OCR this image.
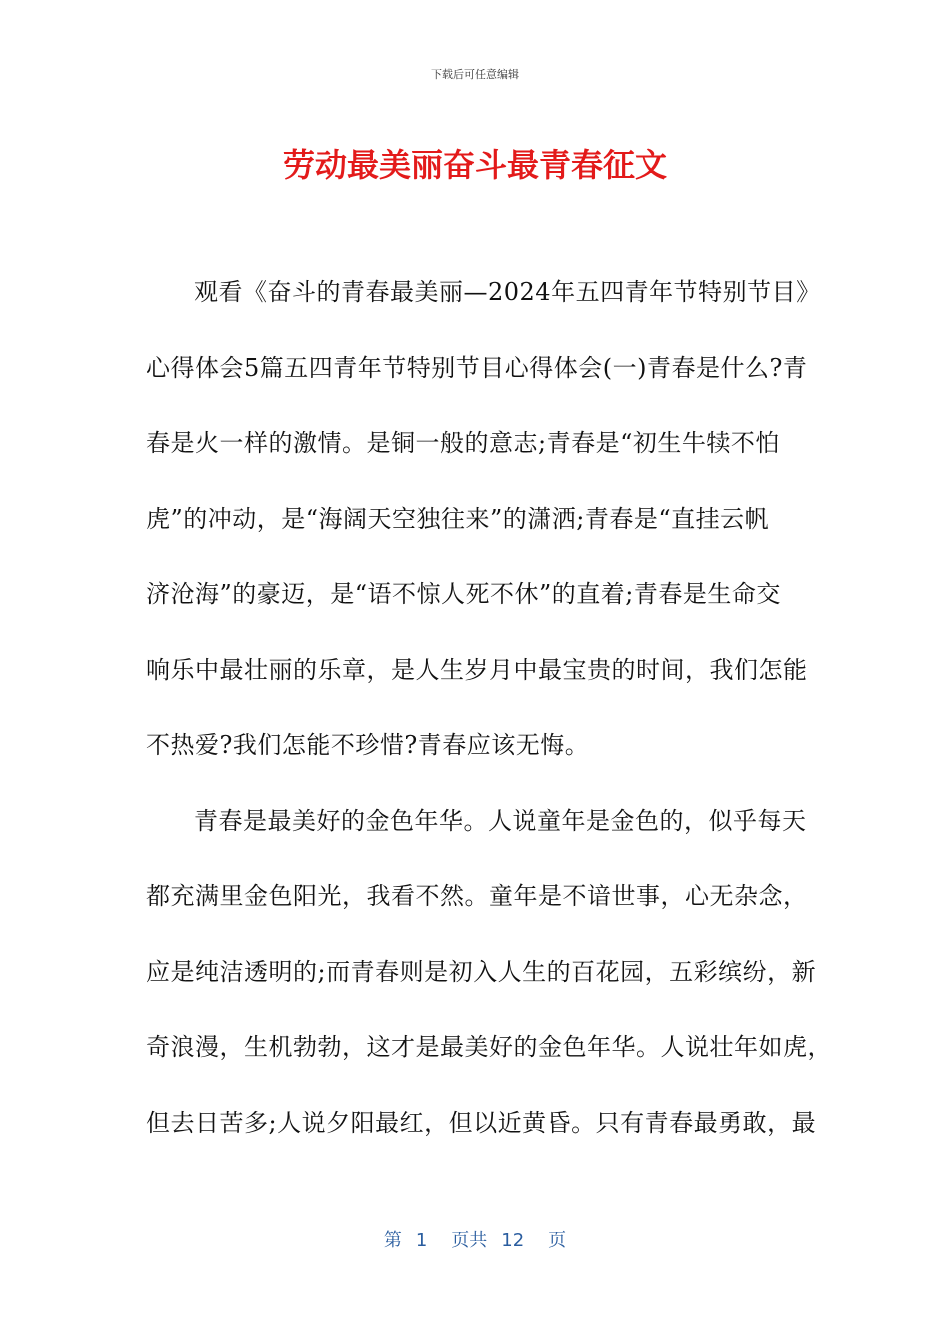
下载后可任意编辑
劳动最美丽奋斗最青春征文
观看《奋斗的青春最美丽—2024年五四青年节特别节目》
心得体会5篇五四青年节特别节目心得体会(一)青春是什么?青
春是火一样的激情。是铜一般的意志;青春是“初生牛犊不怕
虎”的冲动，是“海阔天空独往来”的潇洒;青春是“直挂云帆
济沧海”的豪迈，是“语不惊人死不休”的直着;青春是生命交
响乐中最壮丽的乐章，是人生岁月中最宝贵的时间，我们怎能
不热爱?我们怎能不珍惜?青春应该无悔。
青春是最美好的金色年华。人说童年是金色的，似乎每天
都充满里金色阳光，我看不然。童年是不谙世事，心无杂念，
应是纯洁透明的;而青春则是初入人生的百花园，五彩缤纷，新
奇浪漫，生机勃勃，这才是最美好的金色年华。人说壮年如虎，
但去日苦多;人说夕阳最红，但以近黄昏。只有青春最勇敢，最
第 1 页共 12 页
